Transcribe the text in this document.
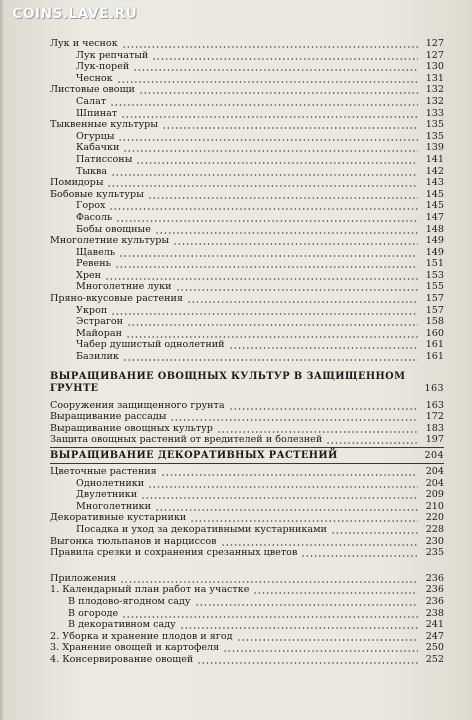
COINS.LAVE.RU
Лук и чеснок	127
Лук репчатый	127
Лук-порей	130
Чеснок	131
Листовые овощи	132
Салат	132
Шпинат	133
Тыквенные культуры	135
Огурцы	135
Кабачки	139
Патиссоны	141
Тыква	142
Помидоры	143
Бобовые культуры	145
Горох	145
Фасоль	147
Бобы овощные	148
Многолетние культуры	149
Щавель	149
Ревень	151
Хрен	153
Многолетние луки	155
Пряно-вкусовые растения	157
Укроп	157
Эстрагон	158
Майоран	160
Чабер душистый однолетний	161
Базилик	161
ВЫРАЩИВАНИЕ ОВОЩНЫХ КУЛЬТУР В ЗАЩИЩЕННОМ
ГРУНТЕ	163
Сооружения защищенного грунта	163
Выращивание рассады	172
Выращивание овощных культур	183
Защита овощных растений от вредителей и болезней	197
ВЫРАЩИВАНИЕ ДЕКОРАТИВНЫХ РАСТЕНИЙ	204
Цветочные растения	204
Однолетники	204
Двулетники	209
Многолетники	210
Декоративные кустарники	220
Посадка и уход за декоративными кустарниками	228
Выгонка тюльпанов и нарциссов	230
Правила срезки и сохранения срезанных цветов	235
Приложения	236
1. Календарный план работ на участке	236
В плодово-ягодном саду	236
В огороде	238
В декоративном саду	241
2. Уборка и хранение плодов и ягод	247
3. Хранение овощей и картофеля	250
4. Консервирование овощей	252
